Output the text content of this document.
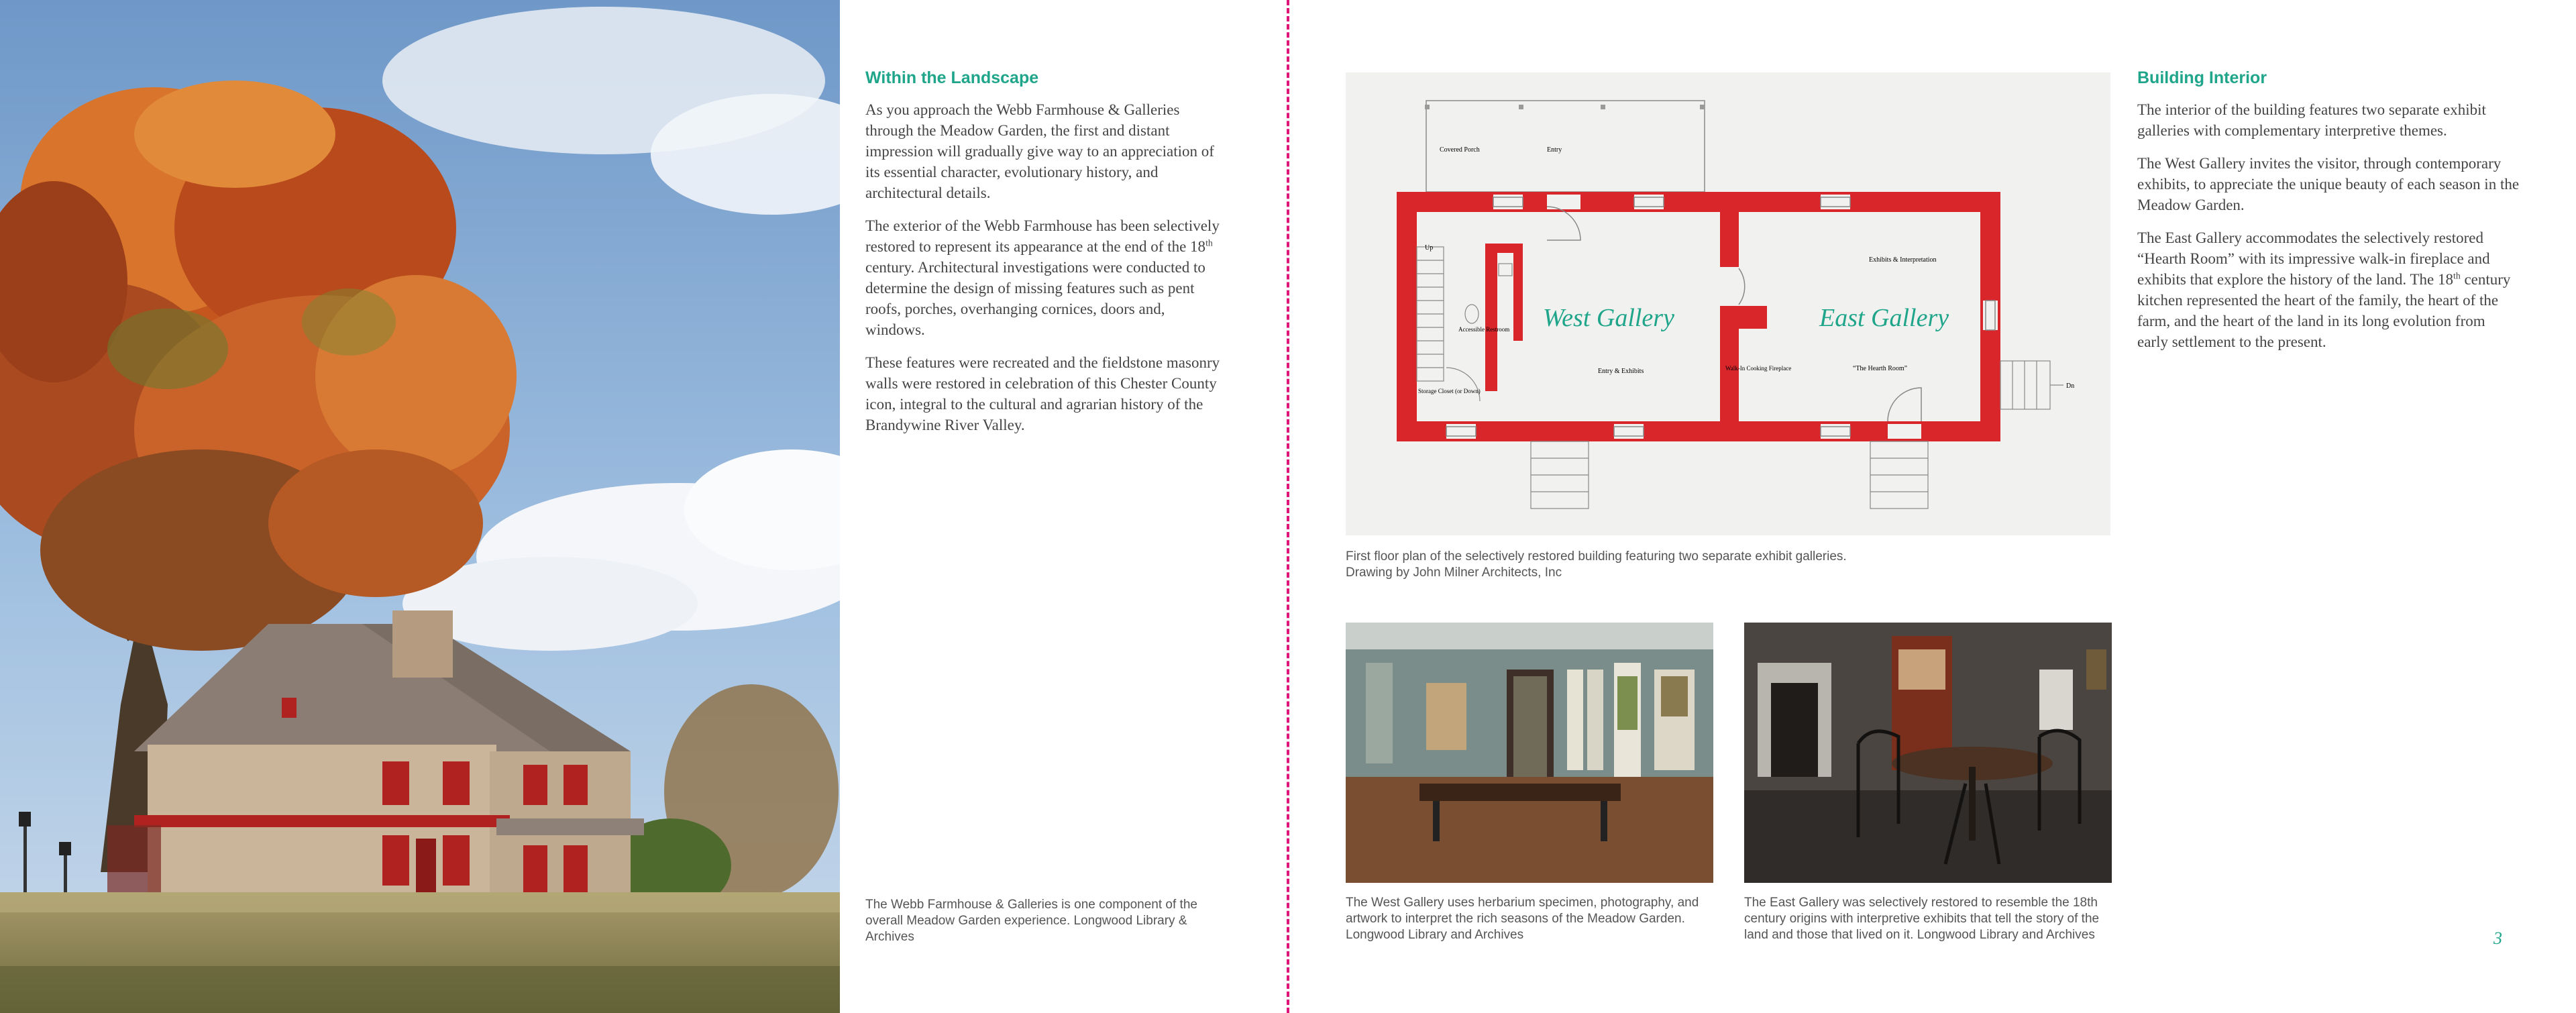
Within the Landscape

As you approach the Webb Farmhouse & Galleries through the Meadow Garden, the first and distant impression will gradually give way to an appreciation of its essential character, evolutionary history, and architectural details.

The exterior of the Webb Farmhouse has been selectively restored to represent its appearance at the end of the 18th century. Architectural investigations were conducted to determine the design of missing features such as pent roofs, porches, overhanging cornices, doors and, windows.

These features were recreated and the fieldstone masonry walls were restored in celebration of this Chester County icon, integral to the cultural and agrarian history of the Brandywine River Valley.

The Webb Farmhouse & Galleries is one component of the overall Meadow Garden experience. Longwood Library & Archives
Covered Porch	Entry
Up
Accessible Restroom
Storage Closet (or Down)
West Gallery
Entry & Exhibits
Exhibits & Interpretation
East Gallery
Walk-In Cooking Fireplace	“The Hearth Room”
Dn
First floor plan of the selectively restored building featuring two separate exhibit galleries.
Drawing by John Milner Architects, Inc
The West Gallery uses herbarium specimen, photography, and artwork to interpret the rich seasons of the Meadow Garden. Longwood Library and Archives
The East Gallery was selectively restored to resemble the 18th century origins with interpretive exhibits that tell the story of the land and those that lived on it. Longwood Library and Archives
Building Interior

The interior of the building features two separate exhibit galleries with complementary interpretive themes.

The West Gallery invites the visitor, through contemporary exhibits, to appreciate the unique beauty of each season in the Meadow Garden.

The East Gallery accommodates the selectively restored “Hearth Room” with its impressive walk-in fireplace and exhibits that explore the history of the land. The 18th century kitchen represented the heart of the family, the heart of the farm, and the heart of the land in its long evolution from early settlement to the present.

3
